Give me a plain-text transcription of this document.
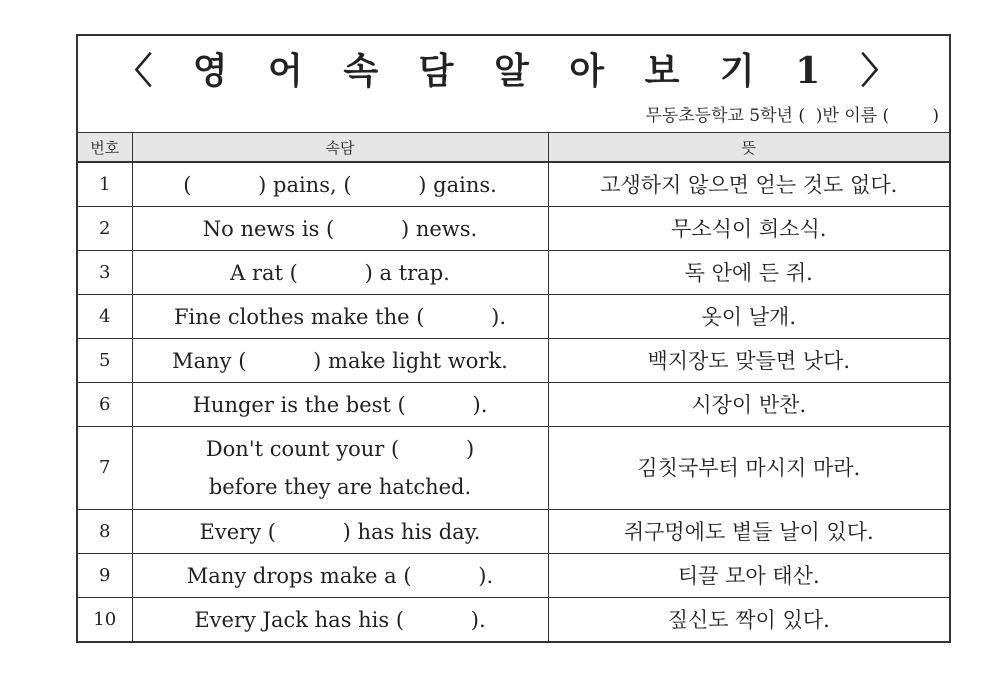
〈 영 어 속 담 알 아 보 기 1 〉
무동초등학교 5학년 (  )반 이름 (        )
번호	속담	뜻
1	(          ) pains, (          ) gains.	고생하지 않으면 얻는 것도 없다.
2	No news is (          ) news.	무소식이 희소식.
3	A rat (          ) a trap.	독 안에 든 쥐.
4	Fine clothes make the (          ).	옷이 날개.
5	Many (          ) make light work.	백지장도 맞들면 낫다.
6	Hunger is the best (          ).	시장이 반찬.
7	Don't count your (          )
before they are hatched.	김칫국부터 마시지 마라.
8	Every (          ) has his day.	쥐구멍에도 볕들 날이 있다.
9	Many drops make a (          ).	티끌 모아 태산.
10	Every Jack has his (          ).	짚신도 짝이 있다.
